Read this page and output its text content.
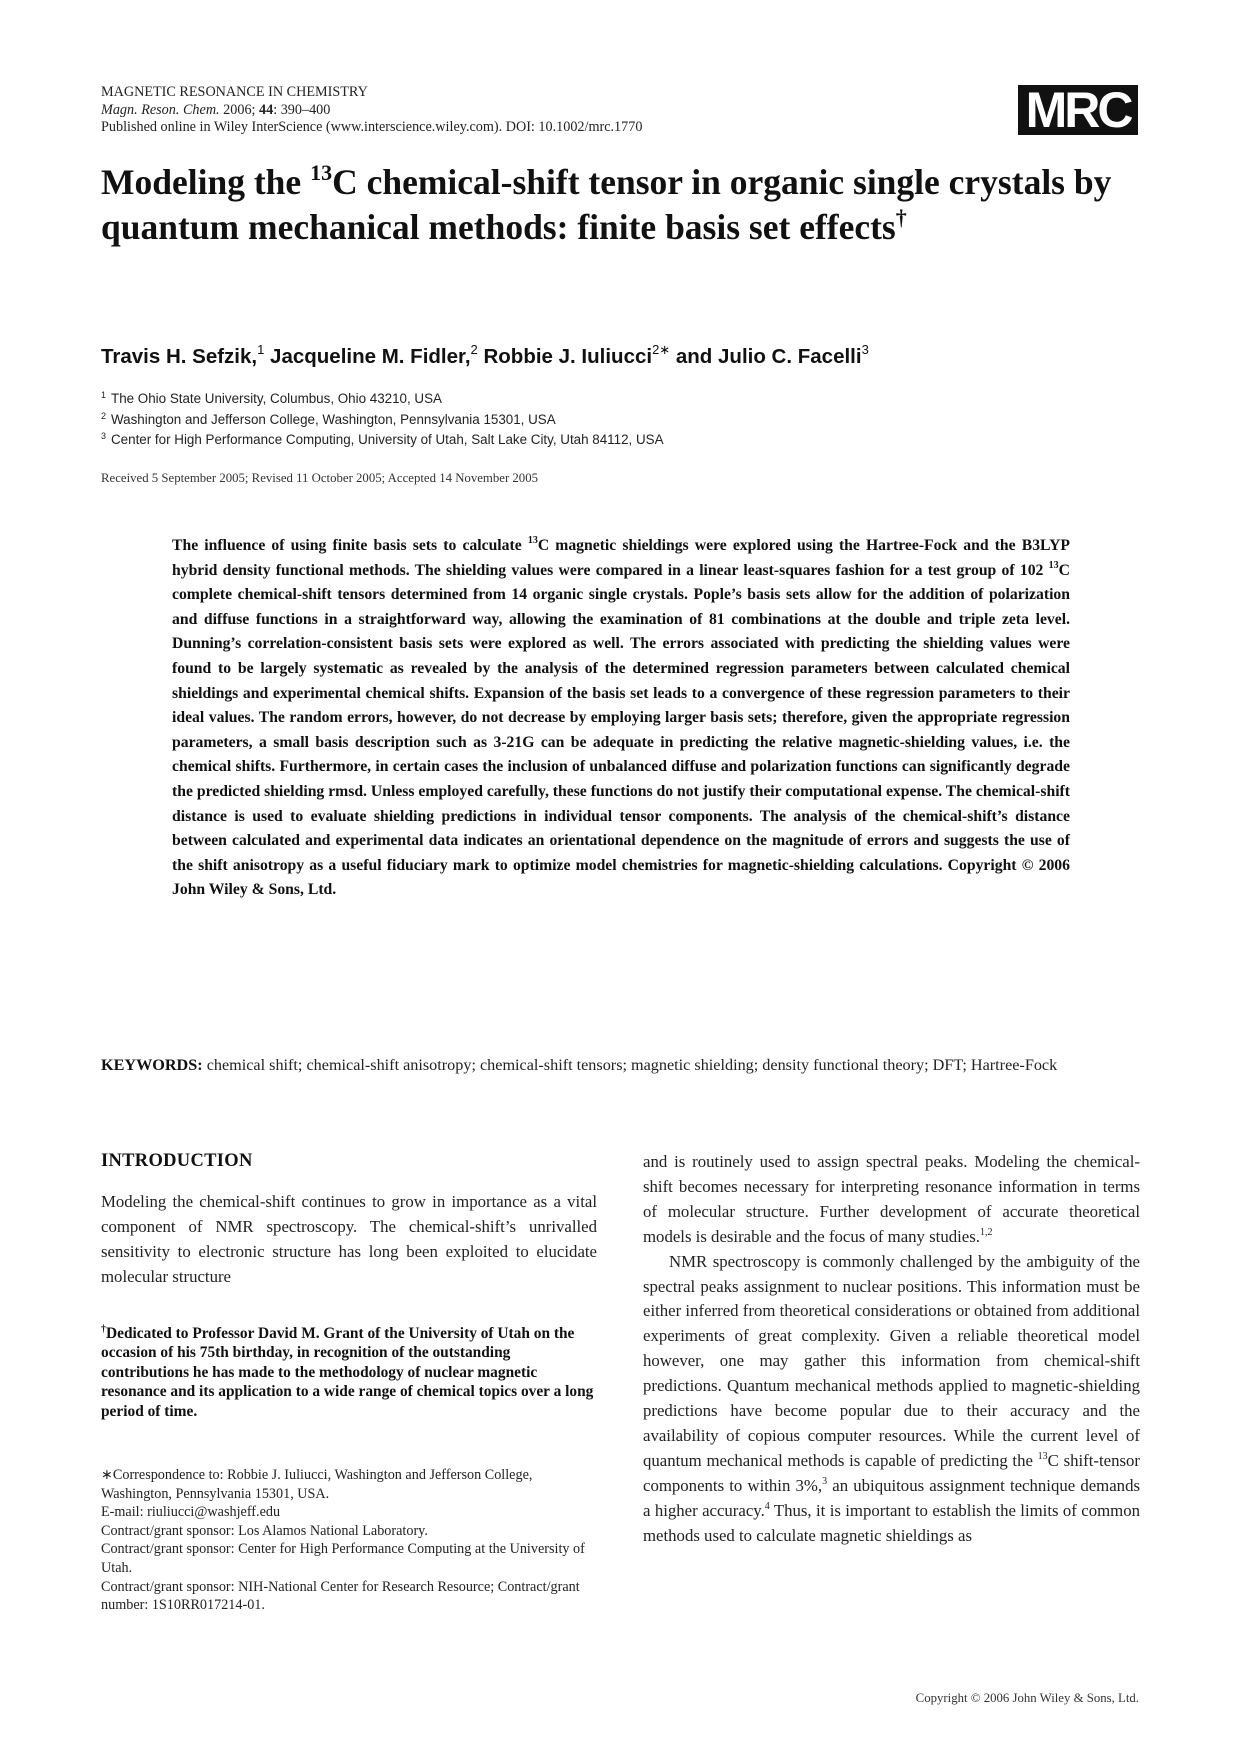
MAGNETIC RESONANCE IN CHEMISTRY
Magn. Reson. Chem. 2006; 44: 390–400
Published online in Wiley InterScience (www.interscience.wiley.com). DOI: 10.1002/mrc.1770	MRC
Modeling the $^{13}$C chemical-shift tensor in organic single crystals by quantum mechanical methods: finite basis set effects†
Travis H. Sefzik,$^1$ Jacqueline M. Fidler,$^2$ Robbie J. Iuliucci$^{2∗}$ and Julio C. Facelli$^3$
$^1$ The Ohio State University, Columbus, Ohio 43210, USA
$^2$ Washington and Jefferson College, Washington, Pennsylvania 15301, USA
$^3$ Center for High Performance Computing, University of Utah, Salt Lake City, Utah 84112, USA
Received 5 September 2005; Revised 11 October 2005; Accepted 14 November 2005

The influence of using finite basis sets to calculate $^{13}$C magnetic shieldings were explored using the Hartree-Fock and the B3LYP hybrid density functional methods. The shielding values were compared in a linear least-squares fashion for a test group of 102 $^{13}$C complete chemical-shift tensors determined from 14 organic single crystals. Pople’s basis sets allow for the addition of polarization and diffuse functions in a straightforward way, allowing the examination of 81 combinations at the double and triple zeta level. Dunning’s correlation-consistent basis sets were explored as well. The errors associated with predicting the shielding values were found to be largely systematic as revealed by the analysis of the determined regression parameters between calculated chemical shieldings and experimental chemical shifts. Expansion of the basis set leads to a convergence of these regression parameters to their ideal values. The random errors, however, do not decrease by employing larger basis sets; therefore, given the appropriate regression parameters, a small basis description such as 3-21G can be adequate in predicting the relative magnetic-shielding values, i.e. the chemical shifts. Furthermore, in certain cases the inclusion of unbalanced diffuse and polarization functions can significantly degrade the predicted shielding rmsd. Unless employed carefully, these functions do not justify their computational expense. The chemical-shift distance is used to evaluate shielding predictions in individual tensor components. The analysis of the chemical-shift’s distance between calculated and experimental data indicates an orientational dependence on the magnitude of errors and suggests the use of the shift anisotropy as a useful fiduciary mark to optimize model chemistries for magnetic-shielding calculations. Copyright © 2006 John Wiley & Sons, Ltd.

KEYWORDS: chemical shift; chemical-shift anisotropy; chemical-shift tensors; magnetic shielding; density functional theory; DFT; Hartree-Fock
INTRODUCTION

Modeling the chemical-shift continues to grow in importance as a vital component of NMR spectroscopy. The chemical-shift’s unrivalled sensitivity to electronic structure has long been exploited to elucidate molecular structure

†Dedicated to Professor David M. Grant of the University of Utah on the occasion of his 75th birthday, in recognition of the outstanding contributions he has made to the methodology of nuclear magnetic resonance and its application to a wide range of chemical topics over a long period of time.
∗Correspondence to: Robbie J. Iuliucci, Washington and Jefferson College, Washington, Pennsylvania 15301, USA.
E-mail: riuliucci@washjeff.edu
Contract/grant sponsor: Los Alamos National Laboratory.
Contract/grant sponsor: Center for High Performance Computing at the University of Utah.
Contract/grant sponsor: NIH-National Center for Research Resource; Contract/grant number: 1S10RR017214-01.

and is routinely used to assign spectral peaks. Modeling the chemical-shift becomes necessary for interpreting resonance information in terms of molecular structure. Further development of accurate theoretical models is desirable and the focus of many studies.$^{1,2}$

NMR spectroscopy is commonly challenged by the ambiguity of the spectral peaks assignment to nuclear positions. This information must be either inferred from theoretical considerations or obtained from additional experiments of great complexity. Given a reliable theoretical model however, one may gather this information from chemical-shift predictions. Quantum mechanical methods applied to magnetic-shielding predictions have become popular due to their accuracy and the availability of copious computer resources. While the current level of quantum mechanical methods is capable of predicting the $^{13}$C shift-tensor components to within 3%,$^3$ an ubiquitous assignment technique demands a higher accuracy.$^4$ Thus, it is important to establish the limits of common methods used to calculate magnetic shieldings as

Copyright © 2006 John Wiley & Sons, Ltd.
